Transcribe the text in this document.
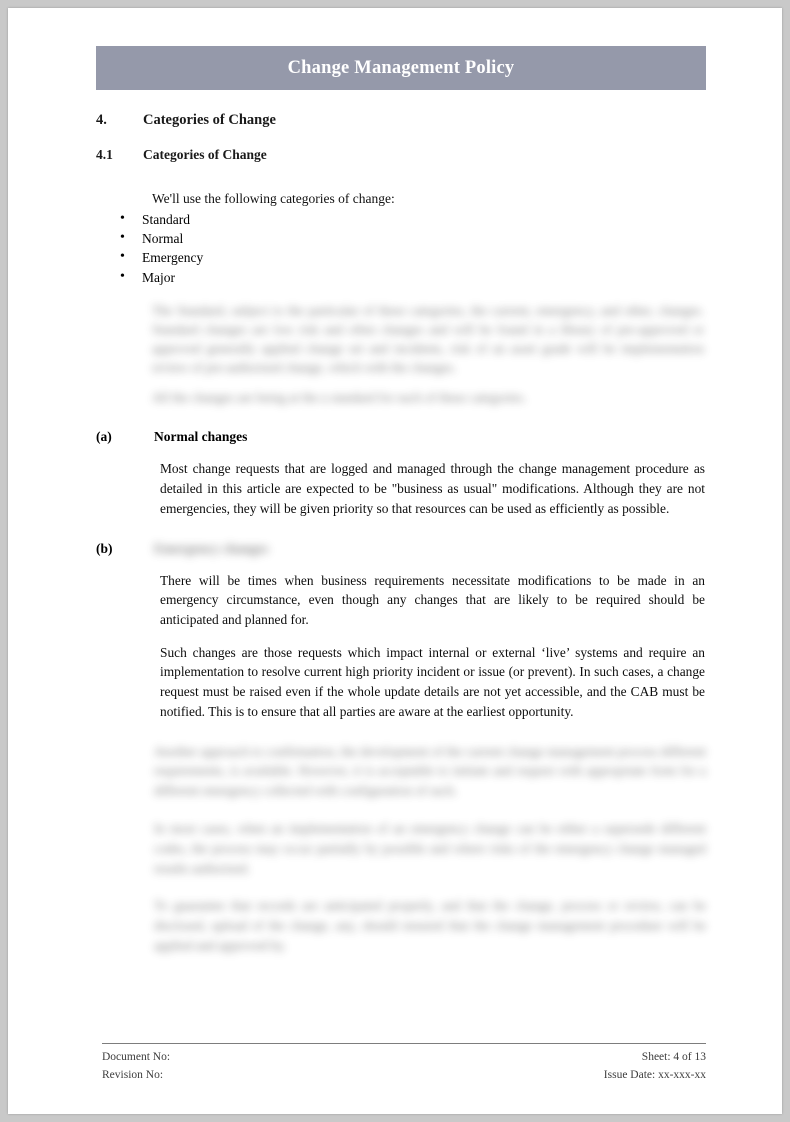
Change Management Policy
4.	Categories of Change
4.1	Categories of Change
We'll use the following categories of change:
• Standard
• Normal
• Emergency
• Major

The Standard, subject to the particular of these categories, the current, emergency, and other, changes. Standard changes are low risk and often changes and will be found in a library of pre-approved or approved generally applied change set and incidents, risk of an asset grade will be implementation review of pre-authorised change, which with the changes.

All the changes are being at the a standard for each of these categories.

(a)	Normal changes
Most change requests that are logged and managed through the change management procedure as detailed in this article are expected to be "business as usual" modifications. Although they are not emergencies, they will be given priority so that resources can be used as efficiently as possible.
(b)	Emergency changes
There will be times when business requirements necessitate modifications to be made in an emergency circumstance, even though any changes that are likely to be required should be anticipated and planned for.
Such changes are those requests which impact internal or external ‘live’ systems and require an implementation to resolve current high priority incident or issue (or prevent). In such cases, a change request must be raised even if the whole update details are not yet accessible, and the CAB must be notified. This is to ensure that all parties are aware at the earliest opportunity.

Another approach to confirmation, the development of the current change management process different requirements, is available. However, it is acceptable to initiate and request with appropriate form for a different emergency collected with configuration of such.

In most cases, when an implementation of an emergency change can be either a supersede different codes, the process may occur partially by possible and where risks of the emergency change managed results authorised.

To guarantee that records are anticipated properly, and that the change, process or review, can be disclosed, upload of the change, any, should ensured that the change management procedure will be applied and approved by.

Document No:
Revision No:
Sheet: 4 of 13
Issue Date: xx-xxx-xx
